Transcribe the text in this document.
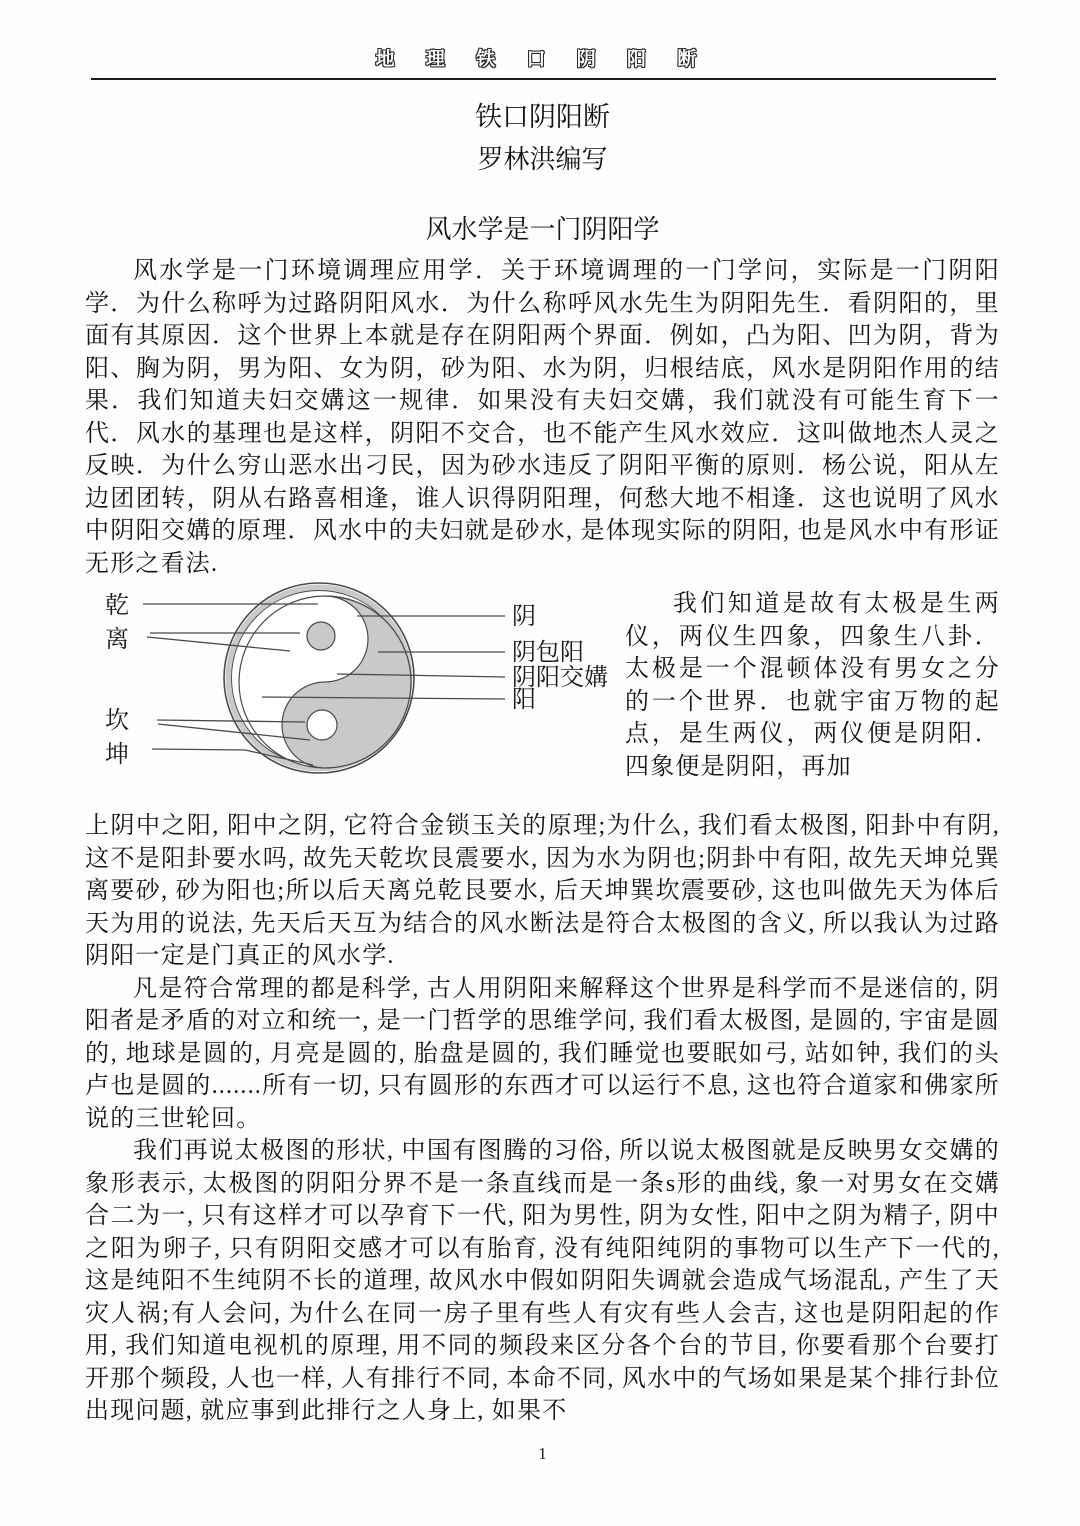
地 理 铁 口 阴 阳 断
铁口阴阳断
罗林洪编写
风水学是一门阴阳学

风水学是一门环境调理应用学．关于环境调理的一门学问，实际是一门阴阳学．为什么称呼为过路阴阳风水．为什么称呼风水先生为阴阳先生．看阴阳的，里面有其原因．这个世界上本就是存在阴阳两个界面．例如，凸为阳、凹为阴，背为阳、胸为阴，男为阳、女为阴，砂为阳、水为阴，归根结底，风水是阴阳作用的结果．我们知道夫妇交媾这一规律．如果没有夫妇交媾，我们就没有可能生育下一代．风水的基理也是这样，阴阳不交合，也不能产生风水效应．这叫做地杰人灵之反映．为什么穷山恶水出刁民，因为砂水违反了阴阳平衡的原则．杨公说，阳从左边团团转，阴从右路喜相逢，谁人识得阴阳理，何愁大地不相逢．这也说明了风水中阴阳交媾的原理．风水中的夫妇就是砂水, 是体现实际的阴阳, 也是风水中有形证无形之看法.

乾
离
坎
坤
阴
阴包阳
阴阳交媾
阳

我们知道是故有太极是生两仪，两仪生四象，四象生八卦．太极是一个混顿体没有男女之分的一个世界．也就宇宙万物的起点，是生两仪，两仪便是阴阳．四象便是阴阳，再加

上阴中之阳, 阳中之阴, 它符合金锁玉关的原理;为什么, 我们看太极图, 阳卦中有阴, 这不是阳卦要水吗, 故先天乾坎艮震要水, 因为水为阴也;阴卦中有阳, 故先天坤兑巽离要砂, 砂为阳也;所以后天离兑乾艮要水, 后天坤巽坎震要砂, 这也叫做先天为体后天为用的说法, 先天后天互为结合的风水断法是符合太极图的含义, 所以我认为过路阴阳一定是门真正的风水学.

凡是符合常理的都是科学, 古人用阴阳来解释这个世界是科学而不是迷信的, 阴阳者是矛盾的对立和统一, 是一门哲学的思维学问, 我们看太极图, 是圆的, 宇宙是圆的, 地球是圆的, 月亮是圆的, 胎盘是圆的, 我们睡觉也要眠如弓, 站如钟, 我们的头卢也是圆的.......所有一切, 只有圆形的东西才可以运行不息, 这也符合道家和佛家所说的三世轮回。

我们再说太极图的形状, 中国有图腾的习俗, 所以说太极图就是反映男女交媾的象形表示, 太极图的阴阳分界不是一条直线而是一条s形的曲线, 象一对男女在交媾合二为一, 只有这样才可以孕育下一代, 阳为男性, 阴为女性, 阳中之阴为精子, 阴中之阳为卵子, 只有阴阳交感才可以有胎育, 没有纯阳纯阴的事物可以生产下一代的, 这是纯阳不生纯阴不长的道理, 故风水中假如阴阳失调就会造成气场混乱, 产生了天灾人祸;有人会问, 为什么在同一房子里有些人有灾有些人会吉, 这也是阴阳起的作用, 我们知道电视机的原理, 用不同的频段来区分各个台的节目, 你要看那个台要打开那个频段, 人也一样, 人有排行不同, 本命不同, 风水中的气场如果是某个排行卦位出现问题, 就应事到此排行之人身上, 如果不

1
